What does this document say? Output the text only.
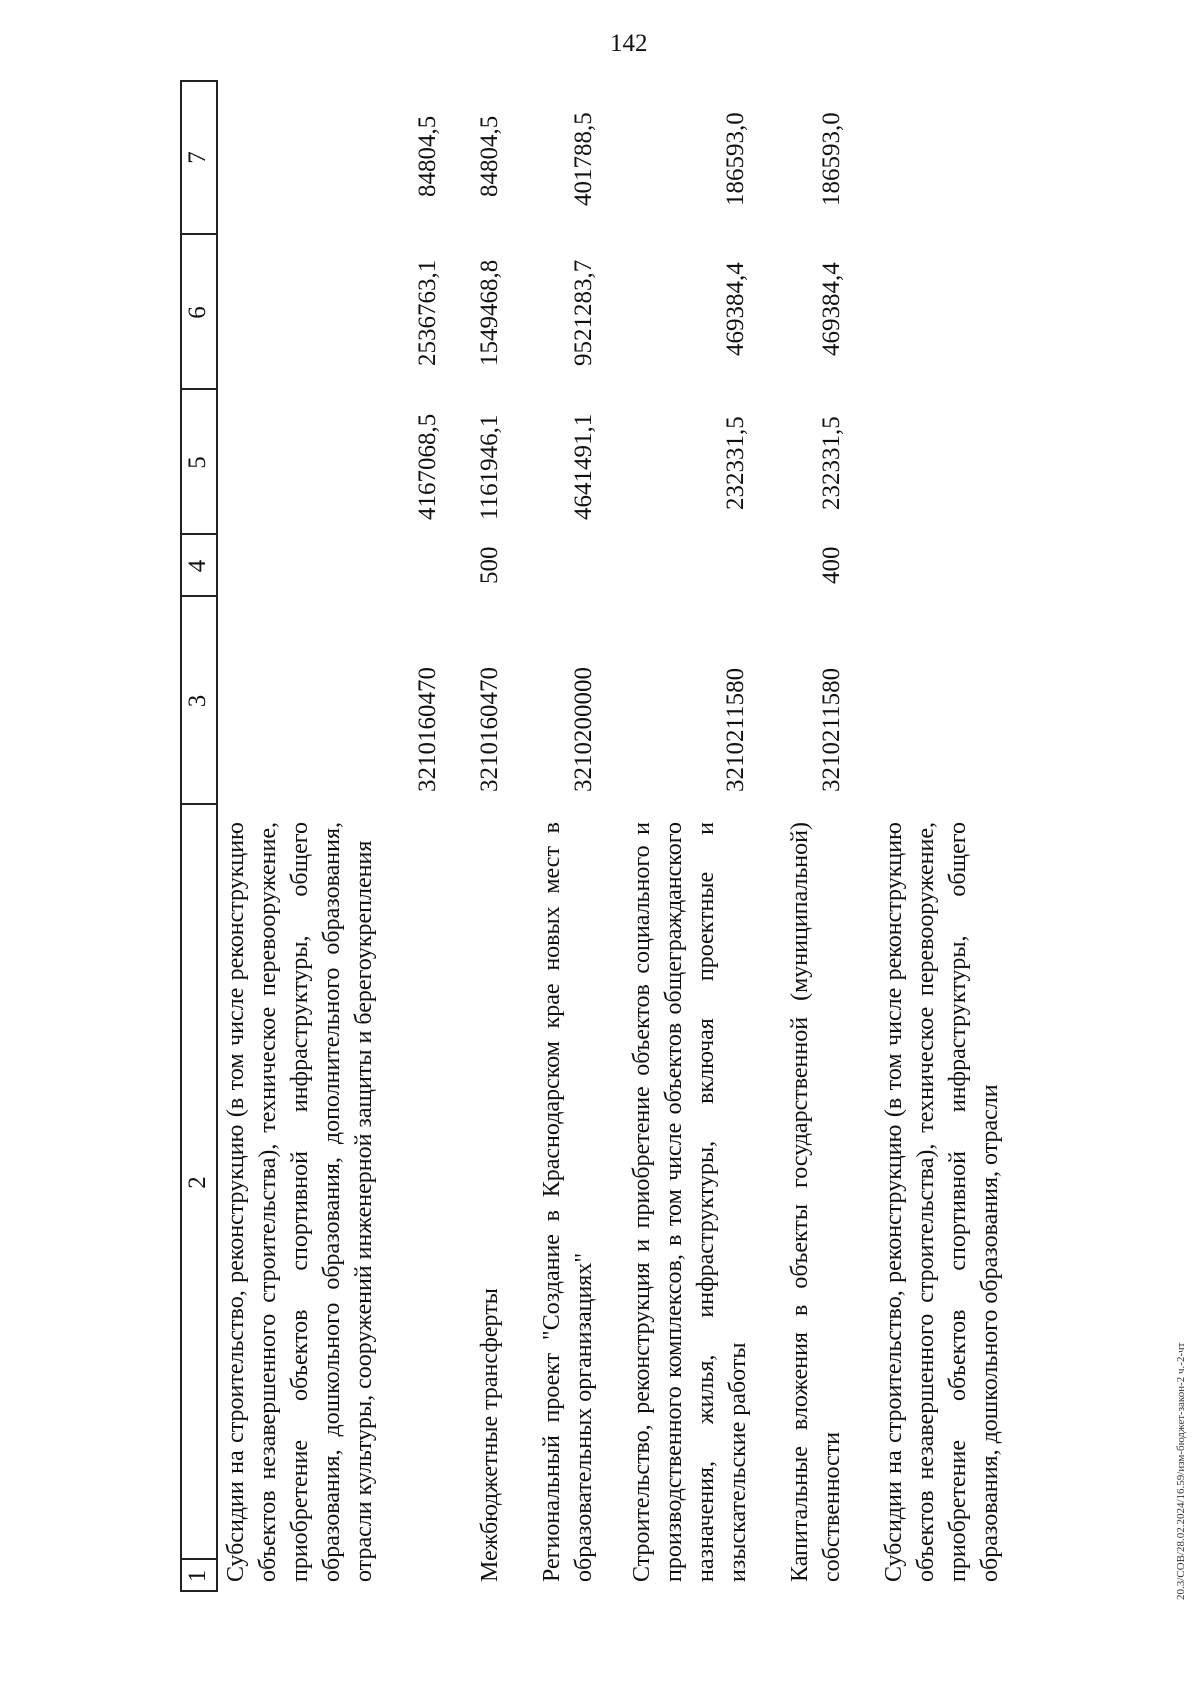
142
1
2
3
4
5
6
7
Субсидии на строительство, реконструкцию (в том числе реконструкцию объектов незавершенного строительства), техническое перевооружение, приобретение объектов спортивной инфраструктуры, общего образования, дошкольного образования, дополнительного образования, отрасли культуры, сооружений инженерной защиты и берегоукрепления
3210160470
4167068,5
2536763,1
84804,5
Межбюджетные трансферты
3210160470
500
1161946,1
1549468,8
84804,5
Региональный проект "Создание в Краснодарском крае новых мест в образовательных организациях"
3210200000
4641491,1
9521283,7
401788,5
Строительство, реконструкция и приобретение объектов социального и производственного комплексов, в том числе объектов общегражданского назначения, жилья, инфраструктуры, включая проектные и изыскательские работы
3210211580
232331,5
469384,4
186593,0
Капитальные вложения в объекты государственной (муниципальной) собственности
3210211580
400
232331,5
469384,4
186593,0
Субсидии на строительство, реконструкцию (в том числе реконструкцию объектов незавершенного строительства), техническое перевооружение, приобретение объектов спортивной инфраструктуры, общего образования, дошкольного образования, отрасли	20.3/СОВ/28.02.2024/16.59/изм-бюджет-закон-2 ч.-2-чт
